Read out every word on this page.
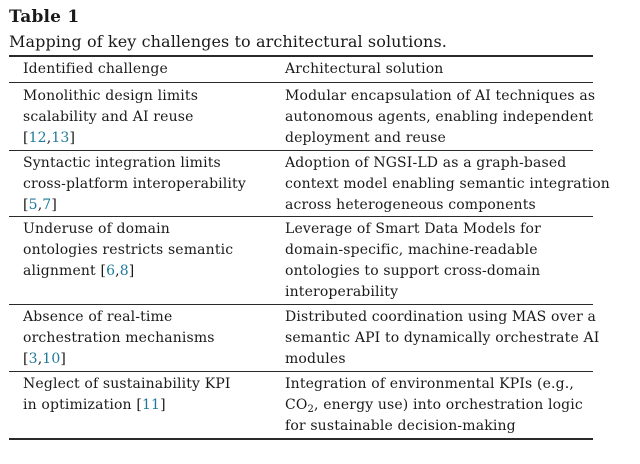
Table 1
Mapping of key challenges to architectural solutions.
Identified challenge	Architectural solution
Monolithic design limits
scalability and AI reuse
[12,13]
Modular encapsulation of AI techniques as
autonomous agents, enabling independent
deployment and reuse
Syntactic integration limits
cross-platform interoperability
[5,7]
Adoption of NGSI-LD as a graph-based
context model enabling semantic integration
across heterogeneous components
Underuse of domain
ontologies restricts semantic
alignment [6,8]
Leverage of Smart Data Models for
domain-specific, machine-readable
ontologies to support cross-domain
interoperability
Absence of real-time
orchestration mechanisms
[3,10]
Distributed coordination using MAS over a
semantic API to dynamically orchestrate AI
modules
Neglect of sustainability KPI
in optimization [11]
Integration of environmental KPIs (e.g.,
$CO_2$, energy use) into orchestration logic
for sustainable decision-making
